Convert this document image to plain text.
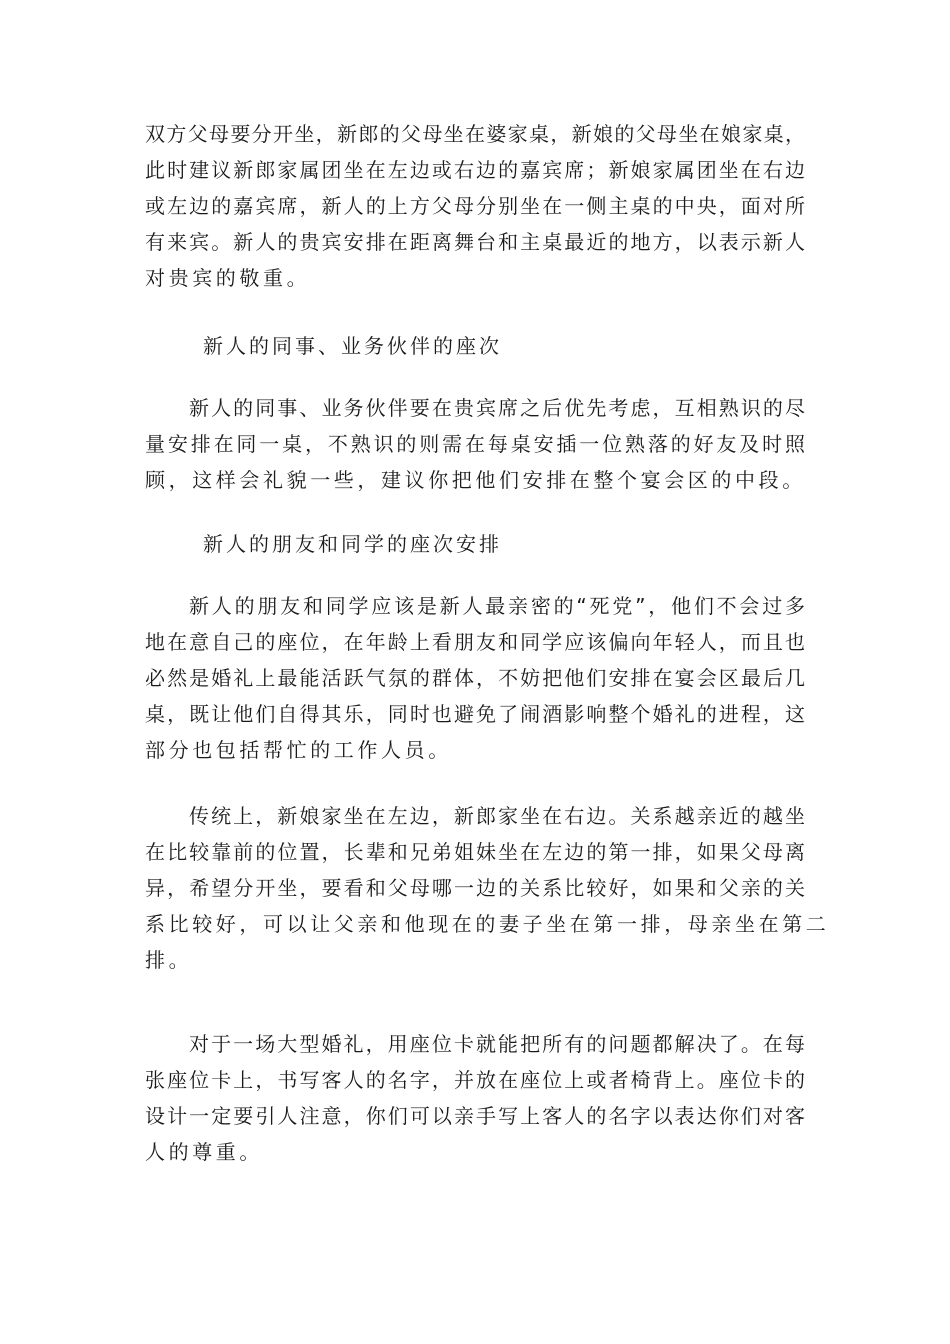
双方父母要分开坐，新郎的父母坐在婆家桌，新娘的父母坐在娘家桌，
此时建议新郎家属团坐在左边或右边的嘉宾席；新娘家属团坐在右边
或左边的嘉宾席，新人的上方父母分别坐在一侧主桌的中央，面对所
有来宾。新人的贵宾安排在距离舞台和主桌最近的地方，以表示新人
对贵宾的敬重。
新人的同事、业务伙伴的座次
新人的同事、业务伙伴要在贵宾席之后优先考虑，互相熟识的尽
量安排在同一桌，不熟识的则需在每桌安插一位熟落的好友及时照
顾，这样会礼貌一些，建议你把他们安排在整个宴会区的中段。
新人的朋友和同学的座次安排
新人的朋友和同学应该是新人最亲密的“死党”，他们不会过多
地在意自己的座位，在年龄上看朋友和同学应该偏向年轻人，而且也
必然是婚礼上最能活跃气氛的群体，不妨把他们安排在宴会区最后几
桌，既让他们自得其乐，同时也避免了闹酒影响整个婚礼的进程，这
部分也包括帮忙的工作人员。
传统上，新娘家坐在左边，新郎家坐在右边。关系越亲近的越坐
在比较靠前的位置，长辈和兄弟姐妹坐在左边的第一排，如果父母离
异，希望分开坐，要看和父母哪一边的关系比较好，如果和父亲的关
系比较好，可以让父亲和他现在的妻子坐在第一排，母亲坐在第二
排。
对于一场大型婚礼，用座位卡就能把所有的问题都解决了。在每
张座位卡上，书写客人的名字，并放在座位上或者椅背上。座位卡的
设计一定要引人注意，你们可以亲手写上客人的名字以表达你们对客
人的尊重。
